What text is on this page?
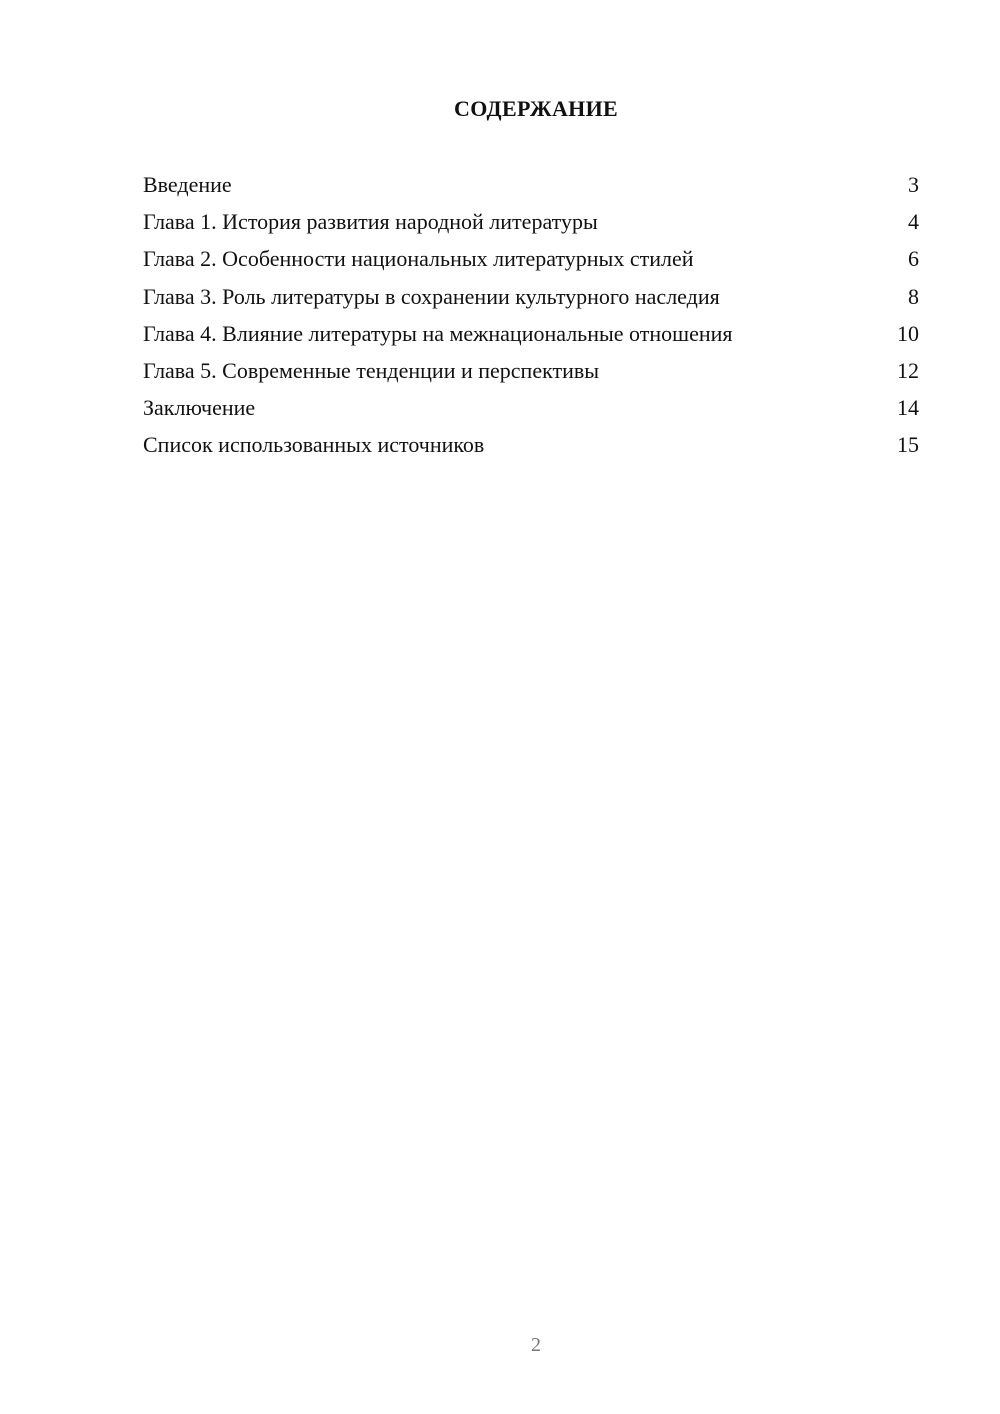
СОДЕРЖАНИЕ
Введение	3
Глава 1. История развития народной литературы	4
Глава 2. Особенности национальных литературных стилей	6
Глава 3. Роль литературы в сохранении культурного наследия	8
Глава 4. Влияние литературы на межнациональные отношения	10
Глава 5. Современные тенденции и перспективы	12
Заключение	14
Список использованных источников	15
2
